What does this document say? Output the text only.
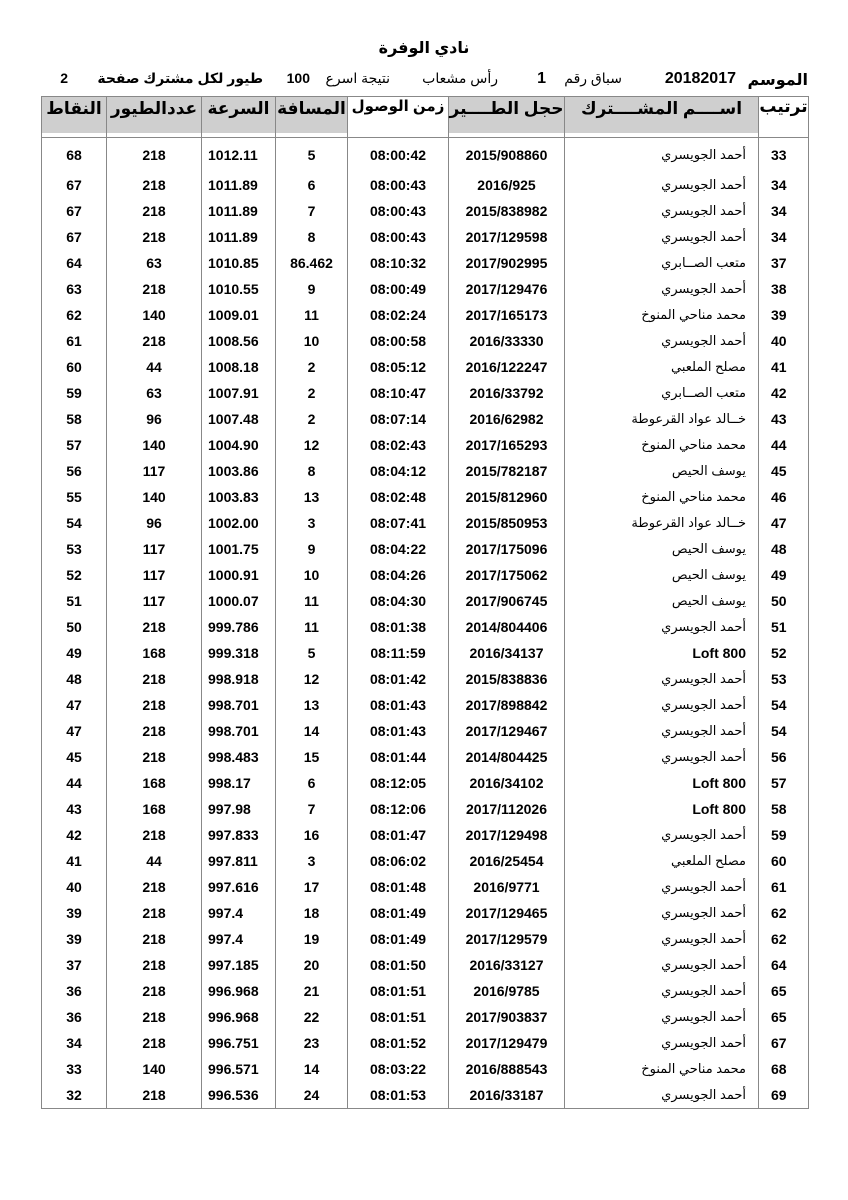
نادي الوفرة
الموسم
20182017
سباق رقم
1
رأس مشعاب
نتيجة اسرع
100
طيور لكل مشترك صفحة
2
ترتيب	اســــم المشــــترك	حجل الطــــير	زمن الوصول	المسافة	السرعة	عددالطيور	النقاط

33	أحمد الجويسري	2015/908860	08:00:42	5	1012.11	218	68
34	أحمد الجويسري	2016/925	08:00:43	6	1011.89	218	67
34	أحمد الجويسري	2015/838982	08:00:43	7	1011.89	218	67
34	أحمد الجويسري	2017/129598	08:00:43	8	1011.89	218	67
37	متعب الصــابري	2017/902995	08:10:32	86.462	1010.85	63	64
38	أحمد الجويسري	2017/129476	08:00:49	9	1010.55	218	63
39	محمد مناحي المنوخ	2017/165173	08:02:24	11	1009.01	140	62
40	أحمد الجويسري	2016/33330	08:00:58	10	1008.56	218	61
41	مصلح الملعبي	2016/122247	08:05:12	2	1008.18	44	60
42	متعب الصــابري	2016/33792	08:10:47	2	1007.91	63	59
43	خــالد عواد القرعوطة	2016/62982	08:07:14	2	1007.48	96	58
44	محمد مناحي المنوخ	2017/165293	08:02:43	12	1004.90	140	57
45	يوسف الحيص	2015/782187	08:04:12	8	1003.86	117	56
46	محمد مناحي المنوخ	2015/812960	08:02:48	13	1003.83	140	55
47	خــالد عواد القرعوطة	2015/850953	08:07:41	3	1002.00	96	54
48	يوسف الحيص	2017/175096	08:04:22	9	1001.75	117	53
49	يوسف الحيص	2017/175062	08:04:26	10	1000.91	117	52
50	يوسف الحيص	2017/906745	08:04:30	11	1000.07	117	51
51	أحمد الجويسري	2014/804406	08:01:38	11	999.786	218	50
52	Loft 800	2016/34137	08:11:59	5	999.318	168	49
53	أحمد الجويسري	2015/838836	08:01:42	12	998.918	218	48
54	أحمد الجويسري	2017/898842	08:01:43	13	998.701	218	47
54	أحمد الجويسري	2017/129467	08:01:43	14	998.701	218	47
56	أحمد الجويسري	2014/804425	08:01:44	15	998.483	218	45
57	Loft 800	2016/34102	08:12:05	6	998.17	168	44
58	Loft 800	2017/112026	08:12:06	7	997.98	168	43
59	أحمد الجويسري	2017/129498	08:01:47	16	997.833	218	42
60	مصلح الملعبي	2016/25454	08:06:02	3	997.811	44	41
61	أحمد الجويسري	2016/9771	08:01:48	17	997.616	218	40
62	أحمد الجويسري	2017/129465	08:01:49	18	997.4	218	39
62	أحمد الجويسري	2017/129579	08:01:49	19	997.4	218	39
64	أحمد الجويسري	2016/33127	08:01:50	20	997.185	218	37
65	أحمد الجويسري	2016/9785	08:01:51	21	996.968	218	36
65	أحمد الجويسري	2017/903837	08:01:51	22	996.968	218	36
67	أحمد الجويسري	2017/129479	08:01:52	23	996.751	218	34
68	محمد مناحي المنوخ	2016/888543	08:03:22	14	996.571	140	33
69	أحمد الجويسري	2016/33187	08:01:53	24	996.536	218	32
